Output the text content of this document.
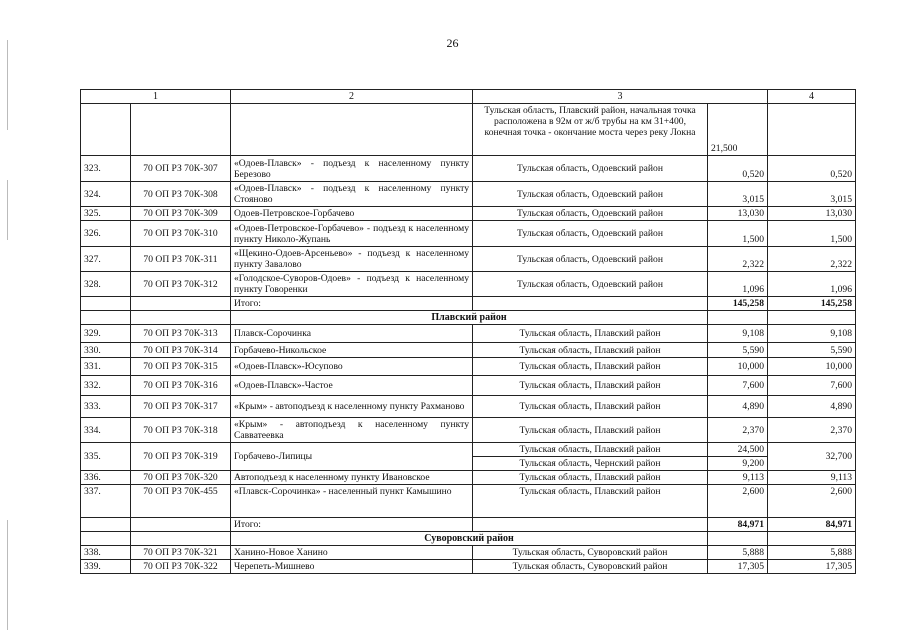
26
1		2	3		4
			Тульская область, Плавский район, начальная точка расположена в 92м от ж/б трубы на км 31+400, конечная точка - окончание моста через реку Локна	21,500	
323.	70 ОП РЗ 70К-307	«Одоев-Плавск» - подъезд к населенному пункту Березово	Тульская область, Одоевский район	0,520	0,520
324.	70 ОП РЗ 70К-308	«Одоев-Плавск» - подъезд к населенному пункту Стояново	Тульская область, Одоевский район	3,015	3,015
325.	70 ОП РЗ 70К-309	Одоев-Петровское-Горбачево	Тульская область, Одоевский район	13,030	13,030
326.	70 ОП РЗ 70К-310	«Одоев-Петровское-Горбачево» - подъезд к населенному пункту Николо-Жупань	Тульская область, Одоевский район	1,500	1,500
327.	70 ОП РЗ 70К-311	«Щекино-Одоев-Арсеньево» - подъезд к населенному пункту Завалово	Тульская область, Одоевский район	2,322	2,322
328.	70 ОП РЗ 70К-312	«Голодское-Суворов-Одоев» - подъезд к населенному пункту Говоренки	Тульская область, Одоевский район	1,096	1,096
		Итого:		145,258	145,258
		Плавский район			
329.	70 ОП РЗ 70К-313	Плавск-Сорочинка	Тульская область, Плавский район	9,108	9,108
330.	70 ОП РЗ 70К-314	Горбачево-Никольское	Тульская область, Плавский район	5,590	5,590
331.	70 ОП РЗ 70К-315	«Одоев-Плавск»-Юсупово	Тульская область, Плавский район	10,000	10,000
332.	70 ОП РЗ 70К-316	«Одоев-Плавск»-Частое	Тульская область, Плавский район	7,600	7,600
333.	70 ОП РЗ 70К-317	«Крым» - автоподъезд к населенному пункту Рахманово	Тульская область, Плавский район	4,890	4,890
334.	70 ОП РЗ 70К-318	«Крым» - автоподъезд к населенному пункту Савватеевка	Тульская область, Плавский район	2,370	2,370
335.	70 ОП РЗ 70К-319	Горбачево-Липицы	Тульская область, Плавский район	24,500	32,700
			Тульская область, Чернский район	9,200	
336.	70 ОП РЗ 70К-320	Автоподъезд к населенному пункту Ивановское	Тульская область, Плавский район	9,113	9,113
337.	70 ОП РЗ 70К-455	«Плавск-Сорочинка» - населенный пункт Камышино	Тульская область, Плавский район	2,600	2,600
		Итого:		84,971	84,971
		Суворовский район			
338.	70 ОП РЗ 70К-321	Ханино-Новое Ханино	Тульская область, Суворовский район	5,888	5,888
339.	70 ОП РЗ 70К-322	Черепеть-Мишнево	Тульская область, Суворовский район	17,305	17,305
